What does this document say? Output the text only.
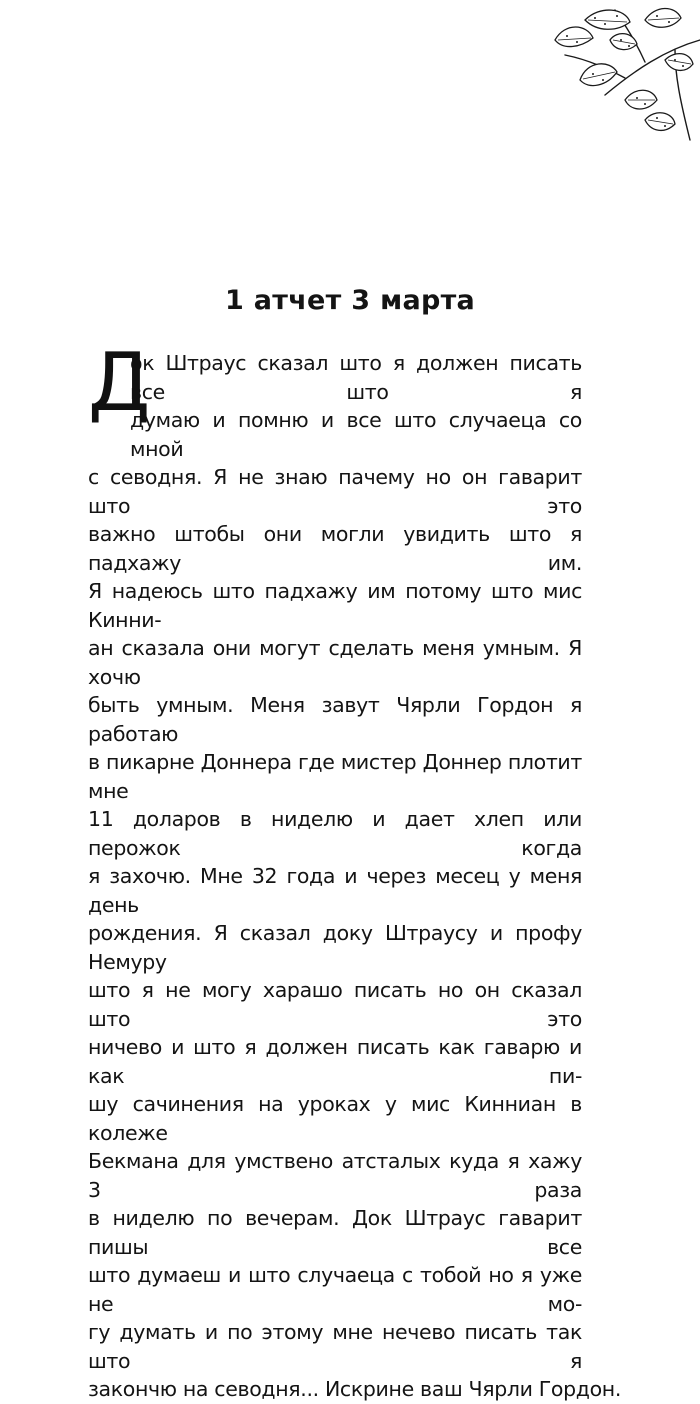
1 атчет 3 марта
Д
ок Штраус сказал што я должен писать все што я
думаю и помню и все што случаеца со мной
с севодня. Я не знаю пачему но он гаварит што это
важно штобы они могли увидить што я падхажу им.
Я надеюсь што падхажу им потому што мис Кинни-
ан сказала они могут сделать меня умным. Я хочю
быть умным. Меня завут Чярли Гордон я работаю
в пикарне Доннера где мистер Доннер плотит мне
11 доларов в ниделю и дает хлеп или перожок когда
я захочю. Мне 32 года и через месец у меня день
рождения. Я сказал доку Штраусу и профу Немуру
што я не могу харашо писать но он сказал што это
ничево и што я должен писать как гаварю и как пи-
шу сачинения на уроках у мис Кинниан в колеже
Бекмана для умствено атсталых куда я хажу 3 раза
в ниделю по вечерам. Док Штраус гаварит пишы все
што думаеш и што случаеца с тобой но я уже не мо-
гу думать и по этому мне нечево писать так што я
закончю на севодня... Искрине ваш Чярли Гордон.
